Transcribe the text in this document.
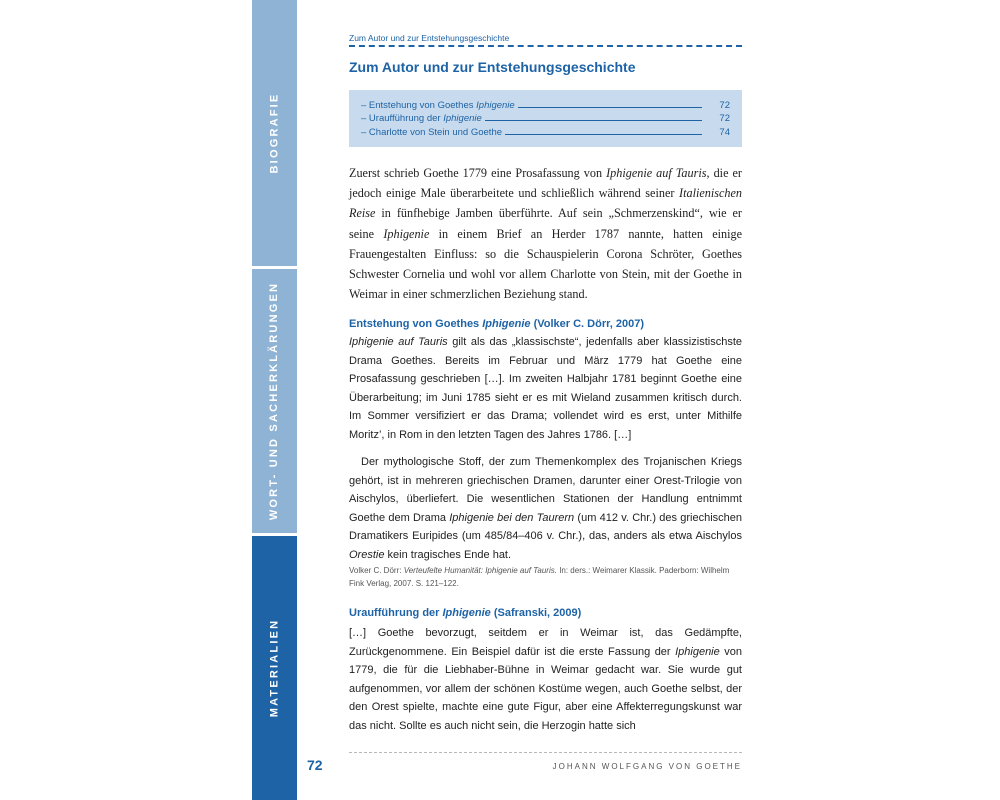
BIOGRAFIE
WORT- UND SACHERKLÄRUNGEN
MATERIALIEN
72
Zum Autor und zur Entstehungsgeschichte
Zum Autor und zur Entstehungsgeschichte
– Entstehung von Goethes Iphigenie	72
– Uraufführung der Iphigenie	72
– Charlotte von Stein und Goethe	74

Zuerst schrieb Goethe 1779 eine Prosafassung von Iphigenie auf Tauris, die er jedoch einige Male überarbeitete und schließlich während seiner Italienischen Reise in fünfhebige Jamben überführte. Auf sein „Schmerzenskind“, wie er seine Iphigenie in einem Brief an Herder 1787 nannte, hatten einige Frauengestalten Einfluss: so die Schauspielerin Corona Schröter, Goethes Schwester Cornelia und wohl vor allem Charlotte von Stein, mit der Goethe in Weimar in einer schmerzlichen Beziehung stand.

Entstehung von Goethes Iphigenie (Volker C. Dörr, 2007)

Iphigenie auf Tauris gilt als das „klassischste“, jedenfalls aber klassizistischste Drama Goethes. Bereits im Februar und März 1779 hat Goethe eine Prosafassung geschrieben […]. Im zweiten Halbjahr 1781 beginnt Goethe eine Überarbeitung; im Juni 1785 sieht er es mit Wieland zusammen kritisch durch. Im Sommer versifiziert er das Drama; vollendet wird es erst, unter Mithilfe Moritz’, in Rom in den letzten Tagen des Jahres 1786. […]

Der mythologische Stoff, der zum Themenkomplex des Trojanischen Kriegs gehört, ist in mehreren griechischen Dramen, darunter einer Orest-Trilogie von Aischylos, überliefert. Die wesentlichen Stationen der Handlung entnimmt Goethe dem Drama Iphigenie bei den Taurern (um 412 v. Chr.) des griechischen Dramatikers Euripides (um 485/84–406 v. Chr.), das, anders als etwa Aischylos Orestie kein tragisches Ende hat.

Volker C. Dörr: Verteufelte Humanität: Iphigenie auf Tauris. In: ders.: Weimarer Klassik. Paderborn: Wilhelm Fink Verlag, 2007. S. 121–122.

Uraufführung der Iphigenie (Safranski, 2009)

[…] Goethe bevorzugt, seitdem er in Weimar ist, das Gedämpfte, Zurückgenommene. Ein Beispiel dafür ist die erste Fassung der Iphigenie von 1779, die für die Liebhaber-Bühne in Weimar gedacht war. Sie wurde gut aufgenommen, vor allem der schönen Kostüme wegen, auch Goethe selbst, der den Orest spielte, machte eine gute Figur, aber eine Affekterregungskunst war das nicht. Sollte es auch nicht sein, die Herzogin hatte sich

JOHANN WOLFGANG VON GOETHE
